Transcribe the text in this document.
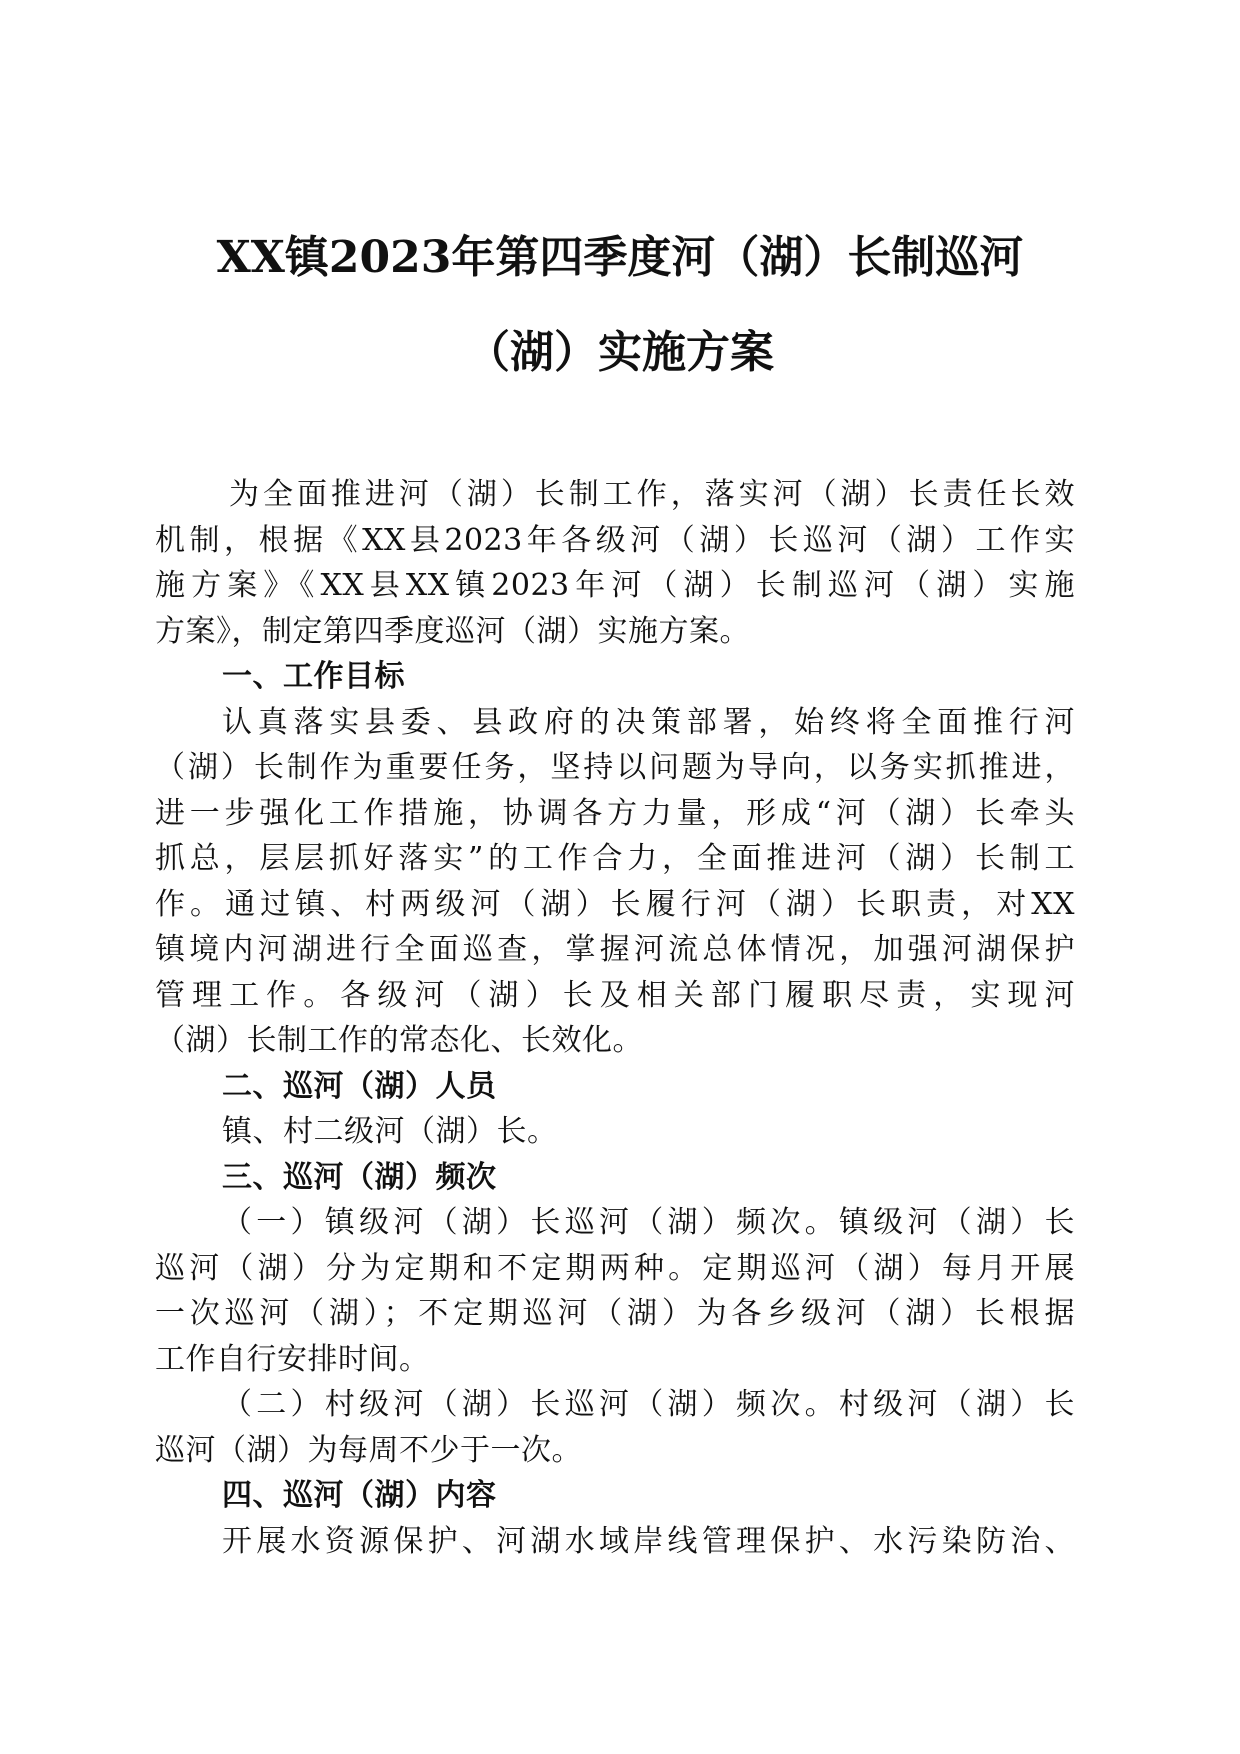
XX镇2023年第四季度河（湖）长制巡河
（湖）实施方案
为全面推进河（湖）长制工作，落实河（湖）长责任长效
机制，根据《XX县2023年各级河（湖）长巡河（湖）工作实
施方案》《XX县XX镇2023年河（湖）长制巡河（湖）实施
方案》，制定第四季度巡河（湖）实施方案。
一、工作目标
认真落实县委、县政府的决策部署，始终将全面推行河
（湖）长制作为重要任务，坚持以问题为导向，以务实抓推进，
进一步强化工作措施，协调各方力量，形成“河（湖）长牵头
抓总，层层抓好落实”的工作合力，全面推进河（湖）长制工
作。通过镇、村两级河（湖）长履行河（湖）长职责，对XX
镇境内河湖进行全面巡查，掌握河流总体情况，加强河湖保护
管理工作。各级河（湖）长及相关部门履职尽责，实现河
（湖）长制工作的常态化、长效化。
二、巡河（湖）人员
镇、村二级河（湖）长。
三、巡河（湖）频次
（一）镇级河（湖）长巡河（湖）频次。镇级河（湖）长
巡河（湖）分为定期和不定期两种。定期巡河（湖）每月开展
一次巡河（湖）；不定期巡河（湖）为各乡级河（湖）长根据
工作自行安排时间。
（二）村级河（湖）长巡河（湖）频次。村级河（湖）长
巡河（湖）为每周不少于一次。
四、巡河（湖）内容
开展水资源保护、河湖水域岸线管理保护、水污染防治、
